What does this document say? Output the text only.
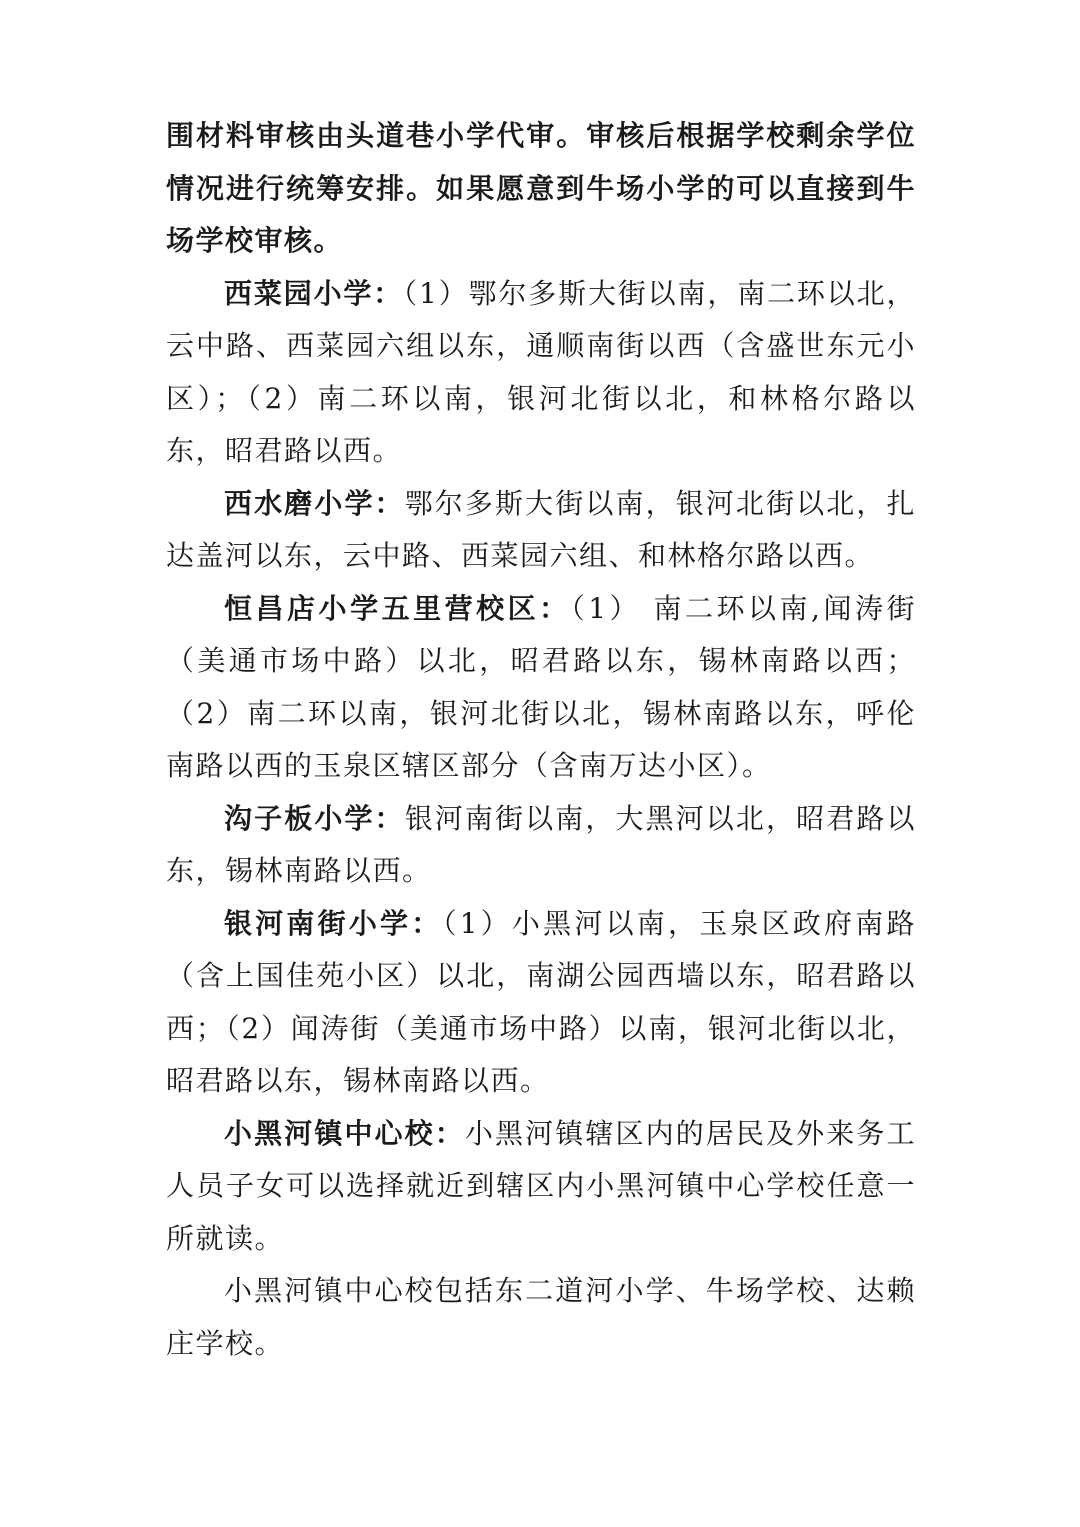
围材料审核由头道巷小学代审。审核后根据学校剩余学位情况进行统筹安排。如果愿意到牛场小学的可以直接到牛场学校审核。

西菜园小学：（1）鄂尔多斯大街以南，南二环以北，云中路、西菜园六组以东，通顺南街以西（含盛世东元小区）；（2）南二环以南，银河北街以北，和林格尔路以东，昭君路以西。

西水磨小学：鄂尔多斯大街以南，银河北街以北，扎达盖河以东，云中路、西菜园六组、和林格尔路以西。

恒昌店小学五里营校区：（1） 南二环以南,闻涛街（美通市场中路）以北，昭君路以东，锡林南路以西；（2）南二环以南，银河北街以北，锡林南路以东，呼伦南路以西的玉泉区辖区部分（含南万达小区）。

沟子板小学：银河南街以南，大黑河以北，昭君路以东，锡林南路以西。

银河南街小学：（1）小黑河以南，玉泉区政府南路（含上国佳苑小区）以北，南湖公园西墙以东，昭君路以西；（2）闻涛街（美通市场中路）以南，银河北街以北，昭君路以东，锡林南路以西。

小黑河镇中心校：小黑河镇辖区内的居民及外来务工人员子女可以选择就近到辖区内小黑河镇中心学校任意一所就读。

小黑河镇中心校包括东二道河小学、牛场学校、达赖庄学校。
